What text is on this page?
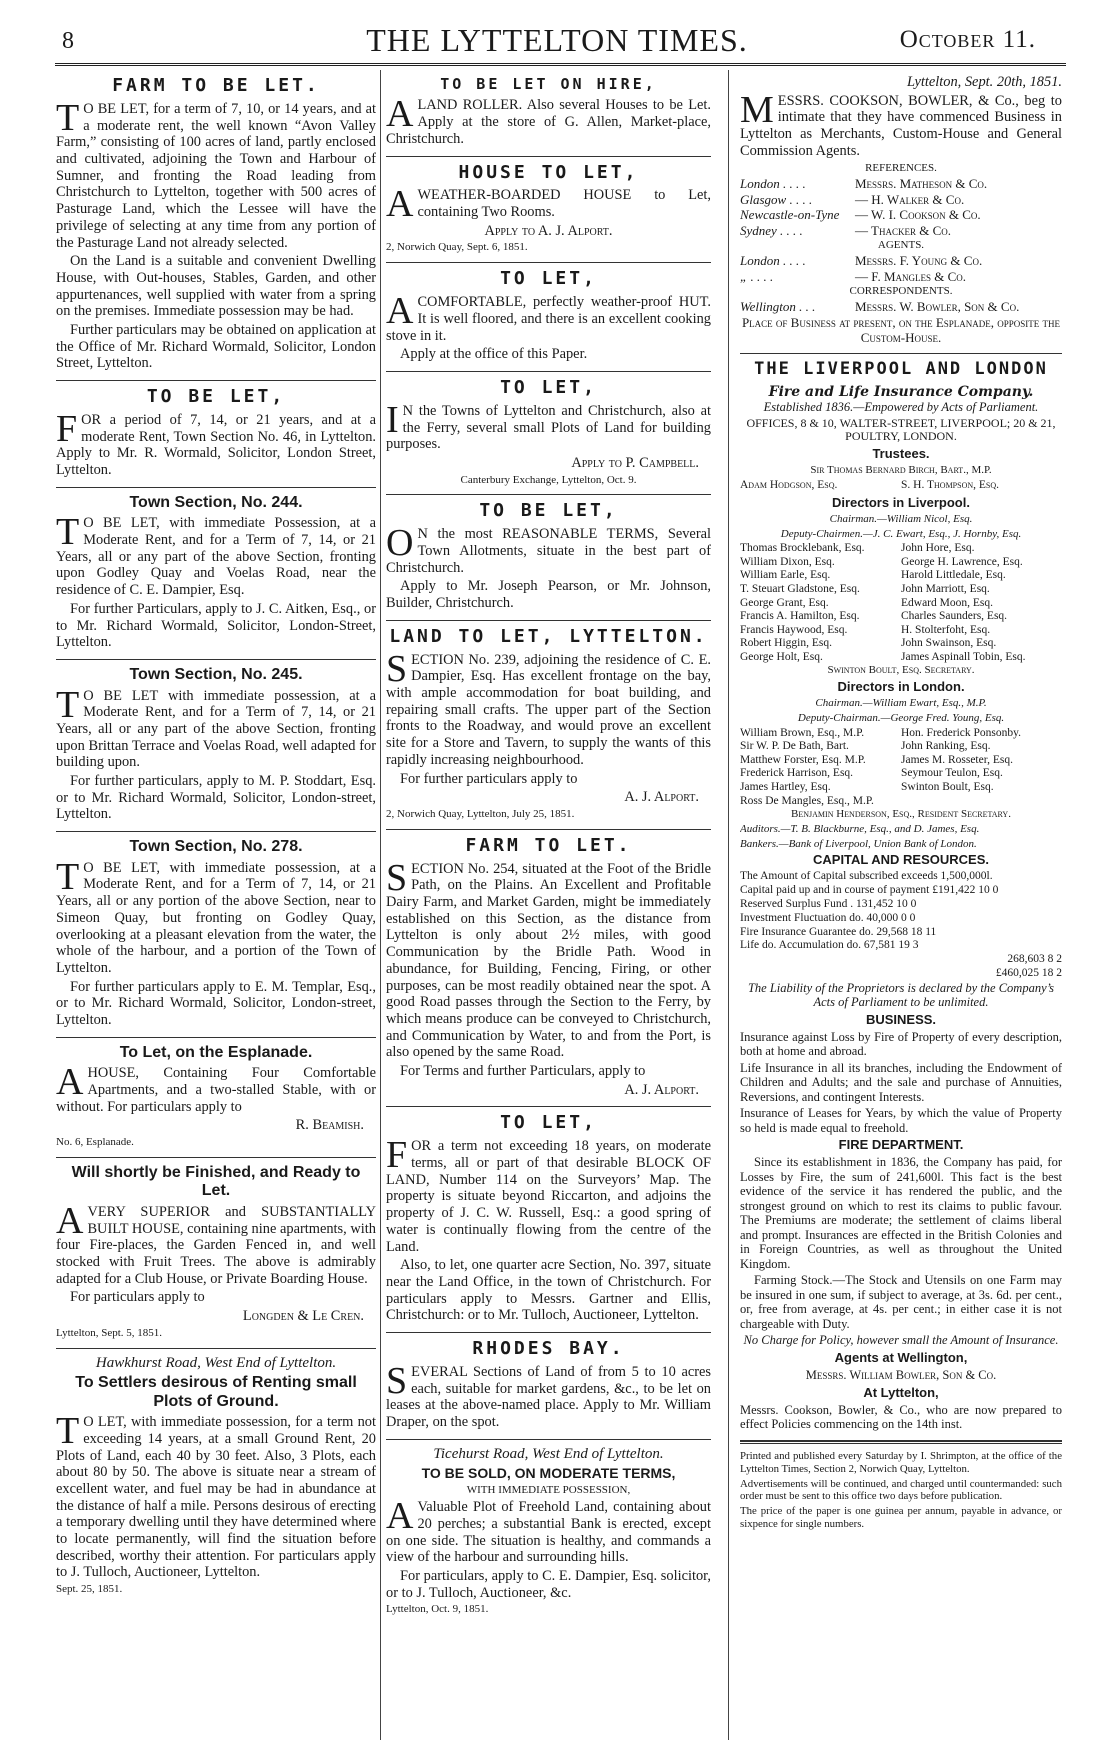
8	THE LYTTELTON TIMES.	October 11.
FARM TO BE LET.

TO BE LET, for a term of 7, 10, or 14 years, and at a moderate rent, the well known “Avon Valley Farm,” consisting of 100 acres of land, partly enclosed and cultivated, adjoining the Town and Harbour of Sumner, and fronting the Road leading from Christchurch to Lyttelton, together with 500 acres of Pasturage Land, which the Lessee will have the privilege of selecting at any time from any portion of the Pasturage Land not already selected.

On the Land is a suitable and convenient Dwelling House, with Out-houses, Stables, Garden, and other appurtenances, well supplied with water from a spring on the premises. Immediate possession may be had.

Further particulars may be obtained on application at the Office of Mr. Richard Wormald, Solicitor, London Street, Lyttelton.

TO BE LET,

FOR a period of 7, 14, or 21 years, and at a moderate Rent, Town Section No. 46, in Lyttelton. Apply to Mr. R. Wormald, Solicitor, London Street, Lyttelton.

Town Section, No. 244.

TO BE LET, with immediate Possession, at a Moderate Rent, and for a Term of 7, 14, or 21 Years, all or any part of the above Section, fronting upon Godley Quay and Voelas Road, near the residence of C. E. Dampier, Esq.

For further Particulars, apply to J. C. Aitken, Esq., or to Mr. Richard Wormald, Solicitor, London-Street, Lyttelton.

Town Section, No. 245.

TO BE LET with immediate possession, at a Moderate Rent, and for a Term of 7, 14, or 21 Years, all or any part of the above Section, fronting upon Brittan Terrace and Voelas Road, well adapted for building upon.

For further particulars, apply to M. P. Stoddart, Esq. or to Mr. Richard Wormald, Solicitor, London-street, Lyttelton.

Town Section, No. 278.

TO BE LET, with immediate possession, at a Moderate Rent, and for a Term of 7, 14, or 21 Years, all or any portion of the above Section, near to Simeon Quay, but fronting on Godley Quay, overlooking at a pleasant elevation from the water, the whole of the harbour, and a portion of the Town of Lyttelton.

For further particulars apply to E. M. Templar, Esq., or to Mr. Richard Wormald, Solicitor, London-street, Lyttelton.

To Let, on the Esplanade.

AHOUSE, Containing Four Comfortable Apartments, and a two-stalled Stable, with or without. For particulars apply to

R. Beamish.

No. 6, Esplanade.

Will shortly be Finished, and Ready to Let.

AVERY SUPERIOR and SUBSTANTIALLY BUILT HOUSE, containing nine apartments, with four Fire-places, the Garden Fenced in, and well stocked with Fruit Trees. The above is admirably adapted for a Club House, or Private Boarding House.

For particulars apply to

Longden & Le Cren.

Lyttelton, Sept. 5, 1851.

Hawkhurst Road, West End of Lyttelton.
To Settlers desirous of Renting small Plots of Ground.

TO LET, with immediate possession, for a term not exceeding 14 years, at a small Ground Rent, 20 Plots of Land, each 40 by 30 feet. Also, 3 Plots, each about 80 by 50. The above is situate near a stream of excellent water, and fuel may be had in abundance at the distance of half a mile. Persons desirous of erecting a temporary dwelling until they have determined where to locate permanently, will find the situation before described, worthy their attention. For particulars apply to J. Tulloch, Auctioneer, Lyttelton.

Sept. 25, 1851.

TO BE LET ON HIRE,

ALAND ROLLER. Also several Houses to be Let. Apply at the store of G. Allen, Market-place, Christchurch.

HOUSE TO LET,

AWEATHER-BOARDED HOUSE to Let, containing Two Rooms.

Apply to A. J. Alport.

2, Norwich Quay, Sept. 6, 1851.

TO LET,

ACOMFORTABLE, perfectly weather-proof HUT. It is well floored, and there is an excellent cooking stove in it.

Apply at the office of this Paper.

TO LET,

IN the Towns of Lyttelton and Christchurch, also at the Ferry, several small Plots of Land for building purposes.

Apply to P. Campbell.

Canterbury Exchange, Lyttelton, Oct. 9.

TO BE LET,

ON the most REASONABLE TERMS, Several Town Allotments, situate in the best part of Christchurch.

Apply to Mr. Joseph Pearson, or Mr. Johnson, Builder, Christchurch.

LAND TO LET, LYTTELTON.

SECTION No. 239, adjoining the residence of C. E. Dampier, Esq. Has excellent frontage on the bay, with ample accommodation for boat building, and repairing small crafts. The upper part of the Section fronts to the Roadway, and would prove an excellent site for a Store and Tavern, to supply the wants of this rapidly increasing neighbourhood.

For further particulars apply to

A. J. Alport.

2, Norwich Quay, Lyttelton, July 25, 1851.

FARM TO LET.

SECTION No. 254, situated at the Foot of the Bridle Path, on the Plains. An Excellent and Profitable Dairy Farm, and Market Garden, might be immediately established on this Section, as the distance from Lyttelton is only about 2½ miles, with good Communication by the Bridle Path. Wood in abundance, for Building, Fencing, Firing, or other purposes, can be most readily obtained near the spot. A good Road passes through the Section to the Ferry, by which means produce can be conveyed to Christchurch, and Communication by Water, to and from the Port, is also opened by the same Road.

For Terms and further Particulars, apply to

A. J. Alport.

TO LET,

FOR a term not exceeding 18 years, on moderate terms, all or part of that desirable BLOCK OF LAND, Number 114 on the Surveyors’ Map. The property is situate beyond Riccarton, and adjoins the property of J. C. W. Russell, Esq.: a good spring of water is continually flowing from the centre of the Land.

Also, to let, one quarter acre Section, No. 397, situate near the Land Office, in the town of Christchurch. For particulars apply to Messrs. Gartner and Ellis, Christchurch: or to Mr. Tulloch, Auctioneer, Lyttelton.

RHODES BAY.

SEVERAL Sections of Land of from 5 to 10 acres each, suitable for market gardens, &c., to be let on leases at the above-named place. Apply to Mr. William Draper, on the spot.

Ticehurst Road, West End of Lyttelton.
TO BE SOLD, ON MODERATE TERMS,

WITH IMMEDIATE POSSESSION,

AValuable Plot of Freehold Land, containing about 20 perches; a substantial Bank is erected, except on one side. The situation is healthy, and commands a view of the harbour and surrounding hills.

For particulars, apply to C. E. Dampier, Esq. solicitor, or to J. Tulloch, Auctioneer, &c.

Lyttelton, Oct. 9, 1851.

Lyttelton, Sept. 20th, 1851.

MESSRS. COOKSON, BOWLER, & Co., beg to intimate that they have commenced Business in Lyttelton as Merchants, Custom-House and General Commission Agents.

REFERENCES.

London . . . .	Messrs. Matheson & Co.
Glasgow . . . .	— H. Walker & Co.
Newcastle-on-Tyne	— W. I. Cookson & Co.
Sydney . . . .	— Thacker & Co.

AGENTS.

London . . . .	Messrs. F. Young & Co.
„ . . . .	— F. Mangles & Co.

CORRESPONDENTS.

Wellington . . .	Messrs. W. Bowler, Son & Co.

Place of Business at present, on the Esplanade, opposite the Custom-House.

THE LIVERPOOL AND LONDON
Fire and Life Insurance Company.

Established 1836.—Empowered by Acts of Parliament.

OFFICES, 8 & 10, WALTER-STREET, LIVERPOOL; 20 & 21, POULTRY, LONDON.

Trustees.

Sir Thomas Bernard Birch, Bart., M.P.

Adam Hodgson, Esq.	S. H. Thompson, Esq.
Directors in Liverpool.

Chairman.—William Nicol, Esq.

Deputy-Chairmen.—J. C. Ewart, Esq., J. Hornby, Esq.

Thomas Brocklebank, Esq.	John Hore, Esq.
William Dixon, Esq.	George H. Lawrence, Esq.
William Earle, Esq.	Harold Littledale, Esq.
T. Steuart Gladstone, Esq.	John Marriott, Esq.
George Grant, Esq.	Edward Moon, Esq.
Francis A. Hamilton, Esq.	Charles Saunders, Esq.
Francis Haywood, Esq.	H. Stolterfoht, Esq.
Robert Higgin, Esq.	John Swainson, Esq.
George Holt, Esq.	James Aspinall Tobin, Esq.

Swinton Boult, Esq. Secretary.

Directors in London.

Chairman.—William Ewart, Esq., M.P.

Deputy-Chairman.—George Fred. Young, Esq.

William Brown, Esq., M.P.	Hon. Frederick Ponsonby.
Sir W. P. De Bath, Bart.	John Ranking, Esq.
Matthew Forster, Esq. M.P.	James M. Rosseter, Esq.
Frederick Harrison, Esq.	Seymour Teulon, Esq.
James Hartley, Esq.	Swinton Boult, Esq.
Ross De Mangles, Esq., M.P.

Benjamin Henderson, Esq., Resident Secretary.

Auditors.—T. B. Blackburne, Esq., and D. James, Esq.

Bankers.—Bank of Liverpool, Union Bank of London.

CAPITAL AND RESOURCES.
The Amount of Capital subscribed exceeds 1,500,000l.
Capital paid up and in course of payment £191,422 10 0
Reserved Surplus Fund . 131,452 10 0
Investment Fluctuation do. 40,000 0 0
Fire Insurance Guarantee do. 29,568 18 11
Life do. Accumulation do. 67,581 19 3
268,603 8 2
£460,025 18 2

The Liability of the Proprietors is declared by the Company’s Acts of Parliament to be unlimited.

BUSINESS.

Insurance against Loss by Fire of Property of every description, both at home and abroad.

Life Insurance in all its branches, including the Endowment of Children and Adults; and the sale and purchase of Annuities, Reversions, and contingent Interests.

Insurance of Leases for Years, by which the value of Property so held is made equal to freehold.

FIRE DEPARTMENT.

Since its establishment in 1836, the Company has paid, for Losses by Fire, the sum of 241,600l. This fact is the best evidence of the service it has rendered the public, and the strongest ground on which to rest its claims to public favour. The Premiums are moderate; the settlement of claims liberal and prompt. Insurances are effected in the British Colonies and in Foreign Countries, as well as throughout the United Kingdom.

Farming Stock.—The Stock and Utensils on one Farm may be insured in one sum, if subject to average, at 3s. 6d. per cent., or, free from average, at 4s. per cent.; in either case it is not chargeable with Duty.

No Charge for Policy, however small the Amount of Insurance.

Agents at Wellington,

Messrs. William Bowler, Son & Co.

At Lyttelton,

Messrs. Cookson, Bowler, & Co., who are now prepared to effect Policies commencing on the 14th inst.

Printed and published every Saturday by I. Shrimpton, at the office of the Lyttelton Times, Section 2, Norwich Quay, Lyttelton.

Advertisements will be continued, and charged until countermanded: such order must be sent to this office two days before publication.

The price of the paper is one guinea per annum, payable in advance, or sixpence for single numbers.
